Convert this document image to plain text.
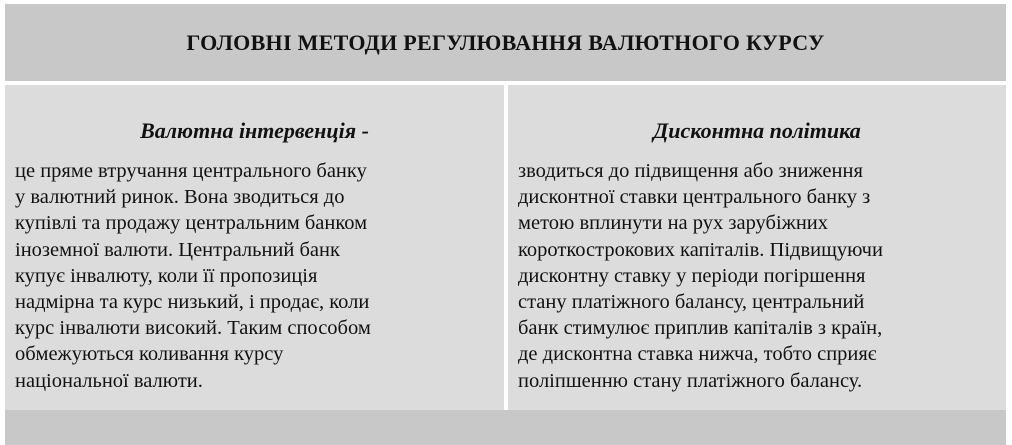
ГОЛОВНІ МЕТОДИ РЕГУЛЮВАННЯ ВАЛЮТНОГО КУРСУ
Валютна інтервенція -
це пряме втручання центрального банку
у валютний ринок. Вона зводиться до
купівлі та продажу центральним банком
іноземної валюти. Центральний банк
купує інвалюту, коли її пропозиція
надмірна та курс низький, і продає, коли
курс інвалюти високий. Таким способом
обмежуються коливання курсу
національної валюти.
Дисконтна політика
зводиться до підвищення або зниження
дисконтної ставки центрального банку з
метою вплинути на рух зарубіжних
короткострокових капіталів. Підвищуючи
дисконтну ставку у періоди погіршення
стану платіжного балансу, центральний
банк стимулює приплив капіталів з країн,
де дисконтна ставка нижча, тобто сприяє
поліпшенню стану платіжного балансу.
